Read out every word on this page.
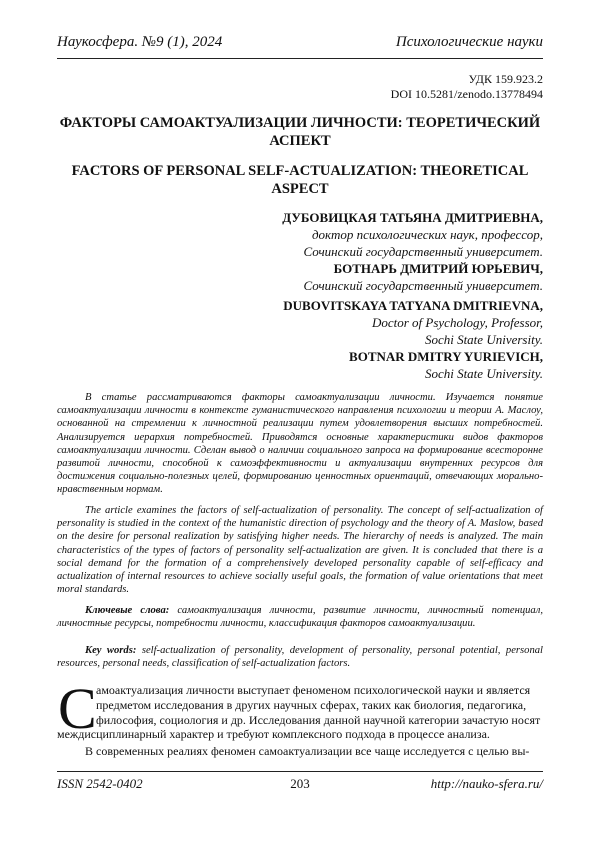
Наукосфера. №9 (1), 2024	Психологические науки
УДК 159.923.2
DOI 10.5281/zenodo.13778494
ФАКТОРЫ САМОАКТУАЛИЗАЦИИ ЛИЧНОСТИ: ТЕОРЕТИЧЕСКИЙ АСПЕКТ
FACTORS OF PERSONAL SELF-ACTUALIZATION: THEORETICAL ASPECT
ДУБОВИЦКАЯ ТАТЬЯНА ДМИТРИЕВНА,
доктор психологических наук, профессор,
Сочинский государственный университет.
БОТНАРЬ ДМИТРИЙ ЮРЬЕВИЧ,
Сочинский государственный университет.
DUBOVITSKAYA TATYANA DMITRIEVNA,
Doctor of Psychology, Professor,
Sochi State University.
BOTNAR DMITRY YURIEVICH,
Sochi State University.
В статье рассматриваются факторы самоактуализации личности. Изучается понятие самоактуализации личности в контексте гуманистического направления психологии и теории А. Маслоу, основанной на стремлении к личностной реализации путем удовлетворения высших потребностей. Анализируется иерархия потребностей. Приводятся основные характеристики видов факторов самоактуализации личности. Сделан вывод о наличии социального запроса на формирование всесторонне развитой личности, способной к самоэффективности и актуализации внутренних ресурсов для достижения социально-полезных целей, формированию ценностных ориентаций, отвечающих морально-нравственным нормам.
The article examines the factors of self-actualization of personality. The concept of self-actualization of personality is studied in the context of the humanistic direction of psychology and the theory of A. Maslow, based on the desire for personal realization by satisfying higher needs. The hierarchy of needs is analyzed. The main characteristics of the types of factors of personality self-actualization are given. It is concluded that there is a social demand for the formation of a comprehensively developed personality capable of self-efficacy and actualization of internal resources to achieve socially useful goals, the formation of value orientations that meet moral standards.
Ключевые слова: самоактуализация личности, развитие личности, личностный потенциал, личностные ресурсы, потребности личности, классификация факторов самоактуализации.
Key words: self-actualization of personality, development of personality, personal potential, personal resources, personal needs, classification of self-actualization factors.
С амоактуализация личности выступает феноменом психологической науки и является
предметом исследования в других научных сферах, таких как биология, педагогика,
философия, социология и др. Исследования данной научной категории зачастую носят
междисциплинарный характер и требуют комплексного подхода в процессе анализа.
В современных реалиях феномен самоактуализации все чаще исследуется с целью вы-
ISSN 2542-0402	203	http://nauko-sfera.ru/
